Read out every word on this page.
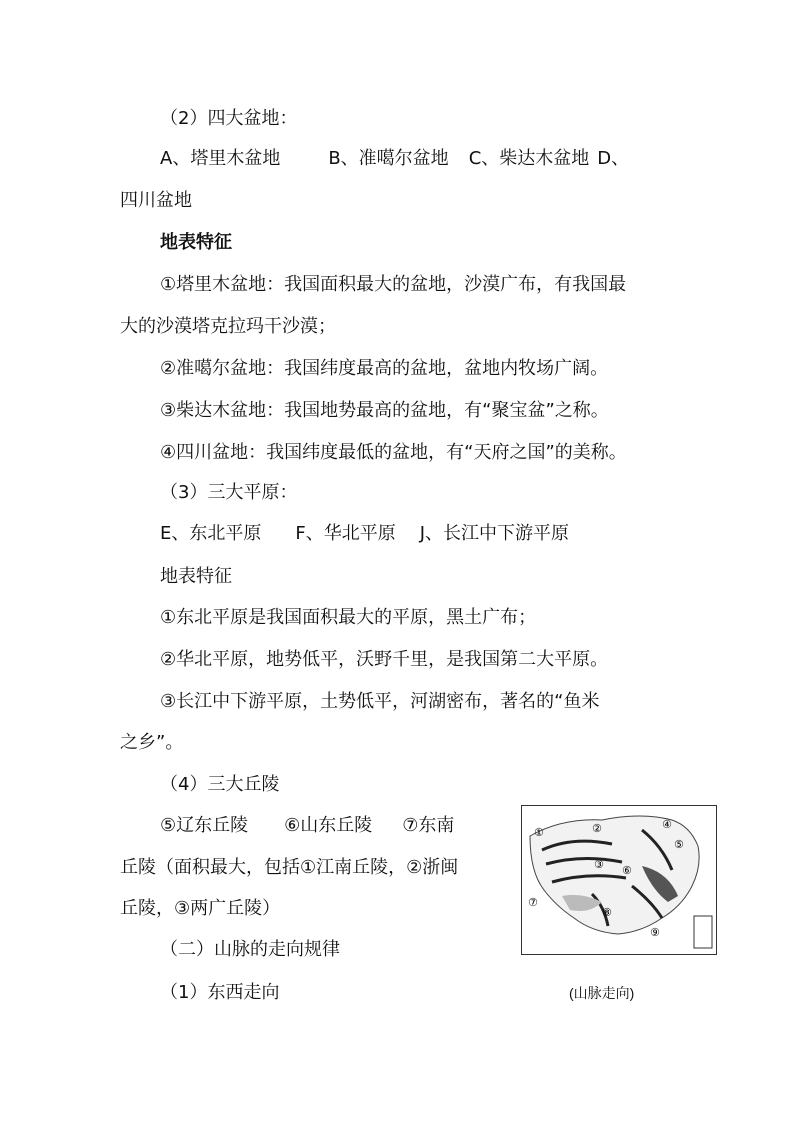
（2）四大盆地：
A、塔里木盆地	B、准噶尔盆地 C、柴达木盆地 D、
四川盆地
地表特征
①塔里木盆地：我国面积最大的盆地，沙漠广布，有我国最
大的沙漠塔克拉玛干沙漠；
②准噶尔盆地：我国纬度最高的盆地，盆地内牧场广阔。
③柴达木盆地：我国地势最高的盆地，有“聚宝盆”之称。
④四川盆地：我国纬度最低的盆地，有“天府之国”的美称。
（3）三大平原：
E、东北平原 F、华北平原 J、长江中下游平原
地表特征
①东北平原是我国面积最大的平原，黑土广布；
②华北平原，地势低平，沃野千里，是我国第二大平原。
③长江中下游平原，土势低平，河湖密布，著名的“鱼米
之乡”。
（4）三大丘陵
⑤辽东丘陵 ⑥山东丘陵 ⑦东南
丘陵（面积最大，包括①江南丘陵，②浙闽
丘陵，③两广丘陵）
（二）山脉的走向规律
（1）东西走向
①	②
③
④
⑤
⑥
⑦
⑧
⑨
(山脉走向)
